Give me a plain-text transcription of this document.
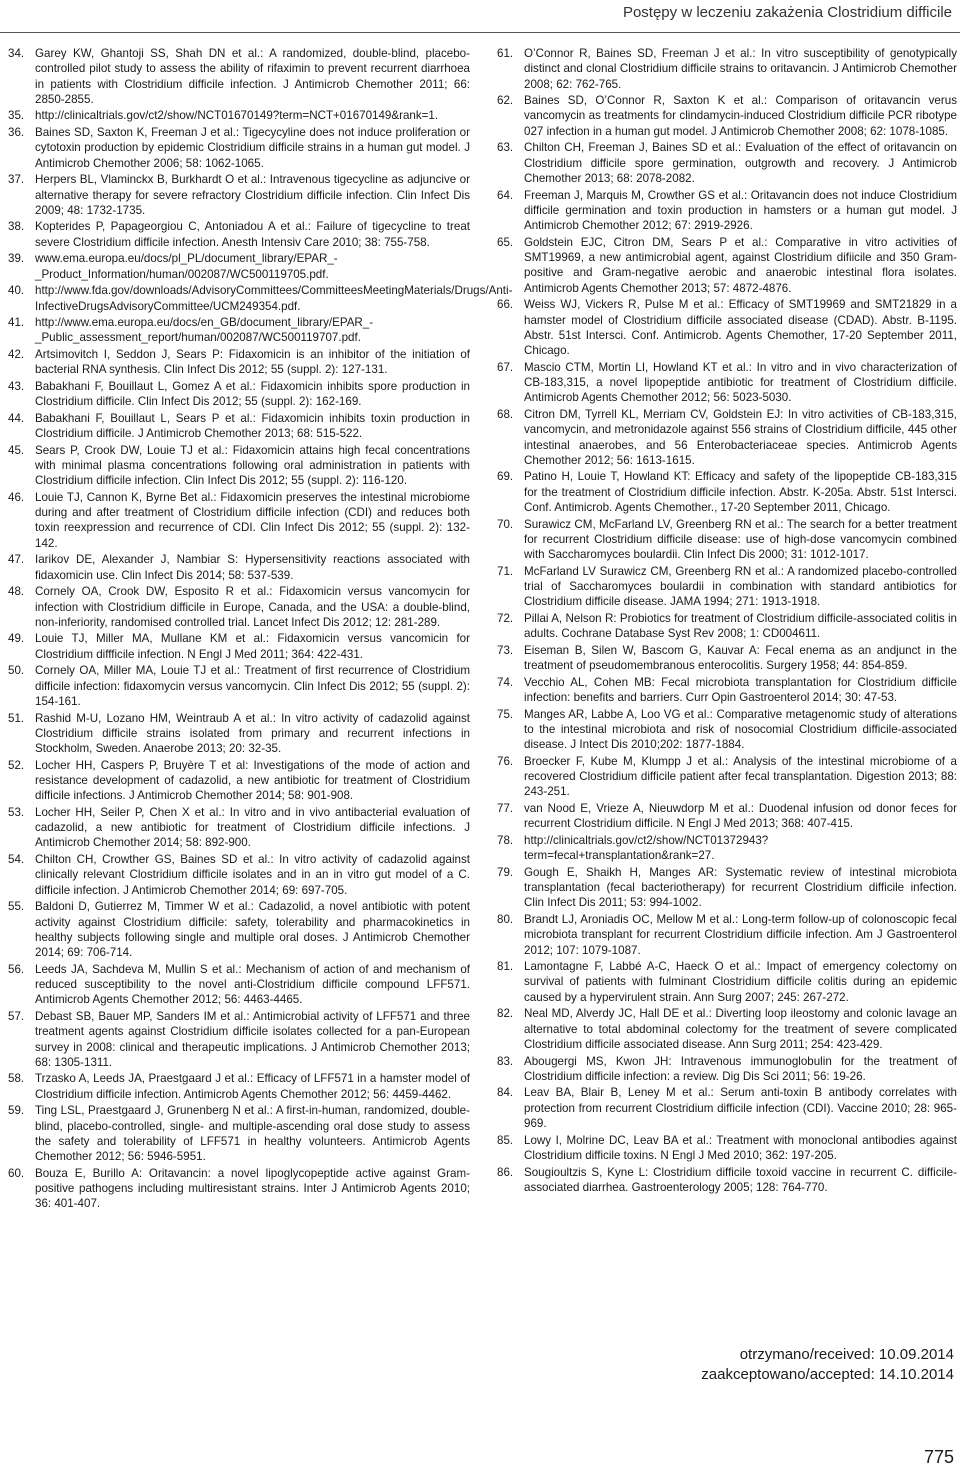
Postępy w leczeniu zakażenia Clostridium difficile
34. Garey KW, Ghantoji SS, Shah DN et al.: A randomized, double-blind, placebo-controlled pilot study to assess the ability of rifaximin to prevent recurrent diarrhoea in patients with Clostridium difficile infection. J Antimicrob Chemother 2011; 66: 2850-2855.
35. http://clinicaltrials.gov/ct2/show/NCT01670149?term=NCT+01670149&rank=1.
36. Baines SD, Saxton K, Freeman J et al.: Tigecycyline does not induce proliferation or cytotoxin production by epidemic Clostridium difficile strains in a human gut model. J Antimicrob Chemother 2006; 58: 1062-1065.
37. Herpers BL, Vlaminckx B, Burkhardt O et al.: Intravenous tigecycline as adjuncive or alternative therapy for severe refractory Clostridium difficile infection. Clin Infect Dis 2009; 48: 1732-1735.
38. Kopterides P, Papageorgiou C, Antoniadou A et al.: Failure of tigecycline to treat severe Clostridium difficile infection. Anesth Intensiv Care 2010; 38: 755-758.
39. www.ema.europa.eu/docs/pl_PL/document_library/EPAR_-_Product_Information/human/002087/WC500119705.pdf.
40. http://www.fda.gov/downloads/AdvisoryCommittees/CommitteesMeetingMaterials/Drugs/Anti-InfectiveDrugsAdvisoryCommittee/UCM249354.pdf.
41. http://www.ema.europa.eu/docs/en_GB/document_library/EPAR_-_Public_assessment_report/human/002087/WC500119707.pdf.
42. Artsimovitch I, Seddon J, Sears P: Fidaxomicin is an inhibitor of the initiation of bacterial RNA synthesis. Clin Infect Dis 2012; 55 (suppl. 2): 127-131.
43. Babakhani F, Bouillaut L, Gomez A et al.: Fidaxomicin inhibits spore production in Clostridium difficile. Clin Infect Dis 2012; 55 (suppl. 2): 162-169.
44. Babakhani F, Bouillaut L, Sears P et al.: Fidaxomicin inhibits toxin production in Clostridium difficile. J Antimicrob Chemother 2013; 68: 515-522.
45. Sears P, Crook DW, Louie TJ et al.: Fidaxomicin attains high fecal concentrations with minimal plasma concentrations following oral administration in patients with Clostridium difficile infection. Clin Infect Dis 2012; 55 (suppl. 2): 116-120.
46. Louie TJ, Cannon K, Byrne Bet al.: Fidaxomicin preserves the intestinal microbiome during and after treatment of Clostridium difficile infection (CDI) and reduces both toxin reexpression and recurrence of CDI. Clin Infect Dis 2012; 55 (suppl. 2): 132-142.
47. Iarikov DE, Alexander J, Nambiar S: Hypersensitivity reactions associated with fidaxomicin use. Clin Infect Dis 2014; 58: 537-539.
48. Cornely OA, Crook DW, Esposito R et al.: Fidaxomicin versus vancomycin for infection with Clostridium difficile in Europe, Canada, and the USA: a double-blind, non-inferiority, randomised controlled trial. Lancet Infect Dis 2012; 12: 281-289.
49. Louie TJ, Miller MA, Mullane KM et al.: Fidaxomicin versus vancomicin for Clostridium diffficile infection. N Engl J Med 2011; 364: 422-431.
50. Cornely OA, Miller MA, Louie TJ et al.: Treatment of first recurrence of Clostridium difficile infection: fidaxomycin versus vancomycin. Clin Infect Dis 2012; 55 (suppl. 2): 154-161.
51. Rashid M-U, Lozano HM, Weintraub A et al.: In vitro activity of cadazolid against Clostridium difficile strains isolated from primary and recurrent infections in Stockholm, Sweden. Anaerobe 2013; 20: 32-35.
52. Locher HH, Caspers P, Bruyère T et al: Investigations of the mode of action and resistance development of cadazolid, a new antibiotic for treatment of Clostridium difficile infections. J Antimicrob Chemother 2014; 58: 901-908.
53. Locher HH, Seiler P, Chen X et al.: In vitro and in vivo antibacterial evaluation of cadazolid, a new antibiotic for treatment of Clostridium difficile infections. J Antimicrob Chemother 2014; 58: 892-900.
54. Chilton CH, Crowther GS, Baines SD et al.: In vitro activity of cadazolid against clinically relevant Clostridium difficile isolates and in an in vitro gut model of a C. difficile infection. J Antimicrob Chemother 2014; 69: 697-705.
55. Baldoni D, Gutierrez M, Timmer W et al.: Cadazolid, a novel antibiotic with potent activity against Clostridium difficile: safety, tolerability and pharmacokinetics in healthy subjects following single and multiple oral doses. J Antimicrob Chemother 2014; 69: 706-714.
56. Leeds JA, Sachdeva M, Mullin S et al.: Mechanism of action of and mechanism of reduced susceptibility to the novel anti-Clostridium difficile compound LFF571. Antimicrob Agents Chemother 2012; 56: 4463-4465.
57. Debast SB, Bauer MP, Sanders IM et al.: Antimicrobial activity of LFF571 and three treatment agents against Clostridium difficile isolates collected for a pan-European survey in 2008: clinical and therapeutic implications. J Antimicrob Chemother 2013; 68: 1305-1311.
58. Trzasko A, Leeds JA, Praestgaard J et al.: Efficacy of LFF571 in a hamster model of Clostridium difficile infection. Antimicrob Agents Chemother 2012; 56: 4459-4462.
59. Ting LSL, Praestgaard J, Grunenberg N et al.: A first-in-human, randomized, double-blind, placebo-controlled, single- and multiple-ascending oral dose study to assess the safety and tolerability of LFF571 in healthy volunteers. Antimicrob Agents Chemother 2012; 56: 5946-5951.
60. Bouza E, Burillo A: Oritavancin: a novel lipoglycopeptide active against Gram-positive pathogens including multiresistant strains. Inter J Antimicrob Agents 2010; 36: 401-407.
61. O’Connor R, Baines SD, Freeman J et al.: In vitro susceptibility of genotypically distinct and clonal Clostridium difficile strains to oritavancin. J Antimicrob Chemother 2008; 62: 762-765.
62. Baines SD, O’Connor R, Saxton K et al.: Comparison of oritavancin verus vancomycin as treatments for clindamycin-induced Clostridium difficile PCR ribotype 027 infection in a human gut model. J Antimicrob Chemother 2008; 62: 1078-1085.
63. Chilton CH, Freeman J, Baines SD et al.: Evaluation of the effect of oritavancin on Clostridium difficile spore germination, outgrowth and recovery. J Antimicrob Chemother 2013; 68: 2078-2082.
64. Freeman J, Marquis M, Crowther GS et al.: Oritavancin does not induce Clostridium difficile germination and toxin production in hamsters or a human gut model. J Antimicrob Chemother 2012; 67: 2919-2926.
65. Goldstein EJC, Citron DM, Sears P et al.: Comparative in vitro activities of SMT19969, a new antimicrobial agent, against Clostridium difiicile and 350 Gram-positive and Gram-negative aerobic and anaerobic intestinal flora isolates. Antimicrob Agents Chemother 2013; 57: 4872-4876.
66. Weiss WJ, Vickers R, Pulse M et al.: Efficacy of SMT19969 and SMT21829 in a hamster model of Clostridium difficile associated disease (CDAD). Abstr. B-1195. Abstr. 51st Intersci. Conf. Antimicrob. Agents Chemother, 17-20 September 2011, Chicago.
67. Mascio CTM, Mortin LI, Howland KT et al.: In vitro and in vivo characterization of CB-183,315, a novel lipopeptide antibiotic for treatment of Clostridium difficile. Antimicrob Agents Chemother 2012; 56: 5023-5030.
68. Citron DM, Tyrrell KL, Merriam CV, Goldstein EJ: In vitro activities of CB-183,315, vancomycin, and metronidazole against 556 strains of Clostridium difficile, 445 other intestinal anaerobes, and 56 Enterobacteriaceae species. Antimicrob Agents Chemother 2012; 56: 1613-1615.
69. Patino H, Louie T, Howland KT: Efficacy and safety of the lipopeptide CB-183,315 for the treatment of Clostridium difficile infection. Abstr. K-205a. Abstr. 51st Intersci. Conf. Antimicrob. Agents Chemother., 17-20 September 2011, Chicago.
70. Surawicz CM, McFarland LV, Greenberg RN et al.: The search for a better treatment for recurrent Clostridium difficile disease: use of high-dose vancomycin combined with Saccharomyces boulardii. Clin Infect Dis 2000; 31: 1012-1017.
71. McFarland LV Surawicz CM, Greenberg RN et al.: A randomized placebo-controlled trial of Saccharomyces boulardii in combination with standard antibiotics for Clostridium difficile disease. JAMA 1994; 271: 1913-1918.
72. Pillai A, Nelson R: Probiotics for treatment of Clostridium difficile-associated colitis in adults. Cochrane Database Syst Rev 2008; 1: CD004611.
73. Eiseman B, Silen W, Bascom G, Kauvar A: Fecal enema as an andjunct in the treatment of pseudomembranous enterocolitis. Surgery 1958; 44: 854-859.
74. Vecchio AL, Cohen MB: Fecal microbiota transplantation for Clostridium difficile infection: benefits and barriers. Curr Opin Gastroenterol 2014; 30: 47-53.
75. Manges AR, Labbe A, Loo VG et al.: Comparative metagenomic study of alterations to the intestinal microbiota and risk of nosocomial Clostridium difficile-associated disease. J Intect Dis 2010;202: 1877-1884.
76. Broecker F, Kube M, Klumpp J et al.: Analysis of the intestinal microbiome of a recovered Clostridium difficile patient after fecal transplantation. Digestion 2013; 88: 243-251.
77. van Nood E, Vrieze A, Nieuwdorp M et al.: Duodenal infusion od donor feces for recurrent Clostridium difficile. N Engl J Med 2013; 368: 407-415.
78. http://clinicaltrials.gov/ct2/show/NCT01372943?term=fecal+transplantation&rank=27.
79. Gough E, Shaikh H, Manges AR: Systematic review of intestinal microbiota transplantation (fecal bacteriotherapy) for recurrent Clostridium difficile infection. Clin Infect Dis 2011; 53: 994-1002.
80. Brandt LJ, Aroniadis OC, Mellow M et al.: Long-term follow-up of colonoscopic fecal microbiota transplant for recurrent Clostridium difficile infection. Am J Gastroenterol 2012; 107: 1079-1087.
81. Lamontagne F, Labbé A-C, Haeck O et al.: Impact of emergency colectomy on survival of patients with fulminant Clostridium difficile colitis during an epidemic caused by a hypervirulent strain. Ann Surg 2007; 245: 267-272.
82. Neal MD, Alverdy JC, Hall DE et al.: Diverting loop ileostomy and colonic lavage an alternative to total abdominal colectomy for the treatment of severe complicated Clostridium difficile associated disease. Ann Surg 2011; 254: 423-429.
83. Abougergi MS, Kwon JH: Intravenous immunoglobulin for the treatment of Clostridium difficile infection: a review. Dig Dis Sci 2011; 56: 19-26.
84. Leav BA, Blair B, Leney M et al.: Serum anti-toxin B antibody correlates with protection from recurrent Clostridium difficile infection (CDI). Vaccine 2010; 28: 965-969.
85. Lowy I, Molrine DC, Leav BA et al.: Treatment with monoclonal antibodies against Clostridium difficile toxins. N Engl J Med 2010; 362: 197-205.
86. Sougioultzis S, Kyne L: Clostridium difficile toxoid vaccine in recurrent C. difficile-associated diarrhea. Gastroenterology 2005; 128: 764-770.
otrzymano/received: 10.09.2014
zaakceptowano/accepted: 14.10.2014
775
